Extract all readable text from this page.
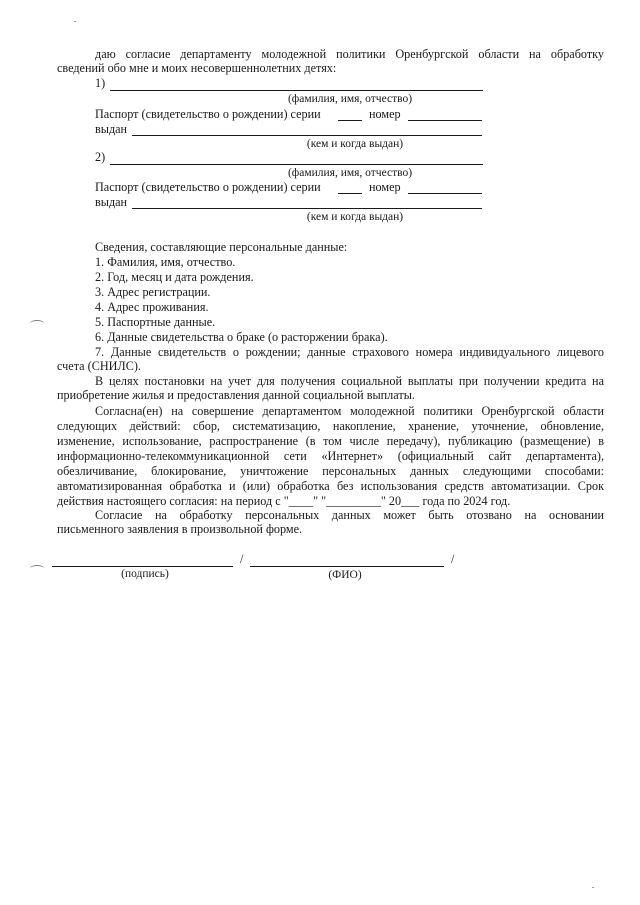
даю согласие департаменту молодежной политики Оренбургской области на обработку
сведений обо мне и моих несовершеннолетних детях:
1)
(фамилия, имя, отчество)
Паспорт (свидетельство о рождении) серии	номер
выдан
(кем и когда выдан)
2)
(фамилия, имя, отчество)
Паспорт (свидетельство о рождении) серии	номер
выдан
(кем и когда выдан)
Сведения, составляющие персональные данные:
1. Фамилия, имя, отчество.
2. Год, месяц и дата рождения.
3. Адрес регистрации.
4. Адрес проживания.
5. Паспортные данные.
6. Данные свидетельства о браке (о расторжении брака).
7. Данные свидетельств о рождении; данные страхового номера индивидуального лицевого
счета (СНИЛС).
В целях постановки на учет для получения социальной выплаты при получении кредита на
приобретение жилья и предоставления данной социальной выплаты.
Согласна(ен) на совершение департаментом молодежной политики Оренбургской области
следующих действий: сбор, систематизацию, накопление, хранение, уточнение, обновление,
изменение, использование, распространение (в том числе передачу), публикацию (размещение) в
информационно-телекоммуникационной сети «Интернет» (официальный сайт департамента),
обезличивание, блокирование, уничтожение персональных данных следующими способами:
автоматизированная обработка и (или) обработка без использования средств автоматизации. Срок
действия настоящего согласия: на период с "____" "_________" 20___ года по 2024 год.
Согласие на обработку персональных данных может быть отозвано на основании
письменного заявления в произвольной форме.
/	/
(подпись)	(ФИО)
